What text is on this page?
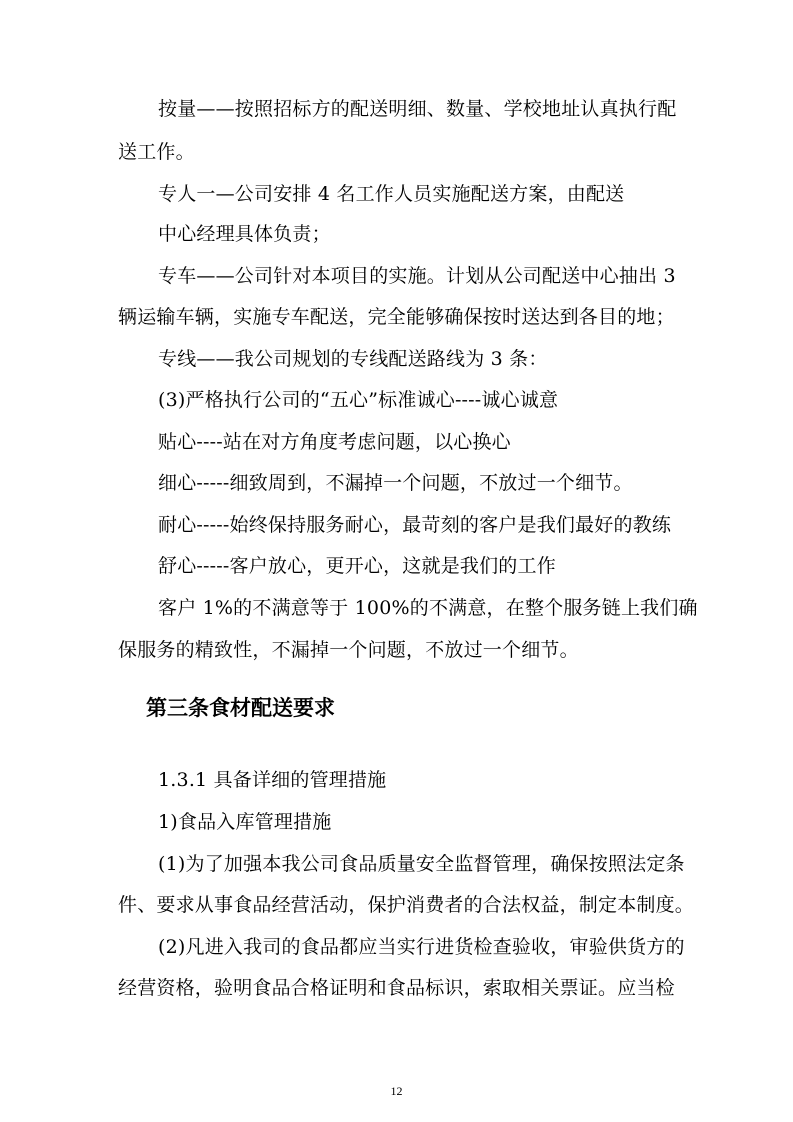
按量——按照招标方的配送明细、数量、学校地址认真执行配
送工作。
专人一—公司安排 4 名工作人员实施配送方案，由配送
中心经理具体负责；
专车——公司针对本项目的实施。计划从公司配送中心抽出 3
辆运输车辆，实施专车配送，完全能够确保按时送达到各目的地；
专线——我公司规划的专线配送路线为 3 条：
(3)严格执行公司的“五心”标准诚心----诚心诚意
贴心----站在对方角度考虑问题，以心换心
细心-----细致周到，不漏掉一个问题，不放过一个细节。
耐心-----始终保持服务耐心，最苛刻的客户是我们最好的教练
舒心-----客户放心，更开心，这就是我们的工作
客户 1%的不满意等于 100%的不满意，在整个服务链上我们确
保服务的精致性，不漏掉一个问题，不放过一个细节。
第三条食材配送要求
1.3.1 具备详细的管理措施
1)食品入库管理措施
(1)为了加强本我公司食品质量安全监督管理，确保按照法定条
件、要求从事食品经营活动，保护消费者的合法权益，制定本制度。
(2)凡进入我司的食品都应当实行进货检查验收，审验供货方的
经营资格，验明食品合格证明和食品标识，索取相关票证。应当检
12
